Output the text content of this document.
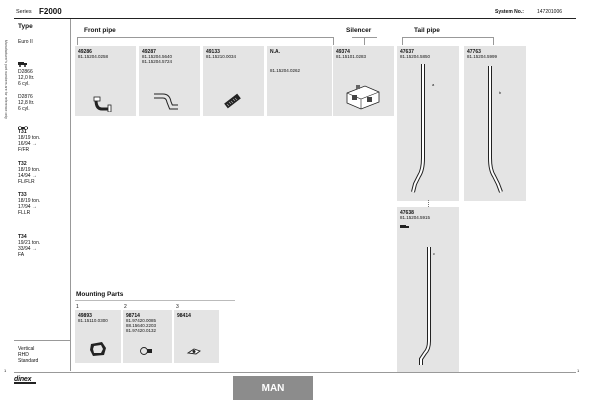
Series F2000	System No.:	147201006
Manufacturer's part numbers are for reference only
Type
Euro II
D2866
12,0 ltr.
6 cyl.
D2876
12,8 ltr.
6 cyl.
T31
18/19 ton.
16/94 →
F/FR
T32
18/19 ton.
14/94 →
FL/FLR
T33
18/19 ton.
17/94 →
FLLR
T34
19/21 ton.
33/94 →
FA
Vertical
RHD
Standard
Front pipe	Silencer	Tail pipe
49286
81.15204.0258
49287
81.15204.5640
81.15204.5724
49133
81.15210.0034
N.A.
81.15204.0262
49374
81.15101.0283
47637
81.15204.5850
a
47763
81.15204.5999
b
47638
81.15204.5915
c
Mounting Parts
1	2	3
49893
81.15110.0300
98714
81.97420.0085
88.15640.2203
81.97420.0132
98414
1	1
dinex
MAN
